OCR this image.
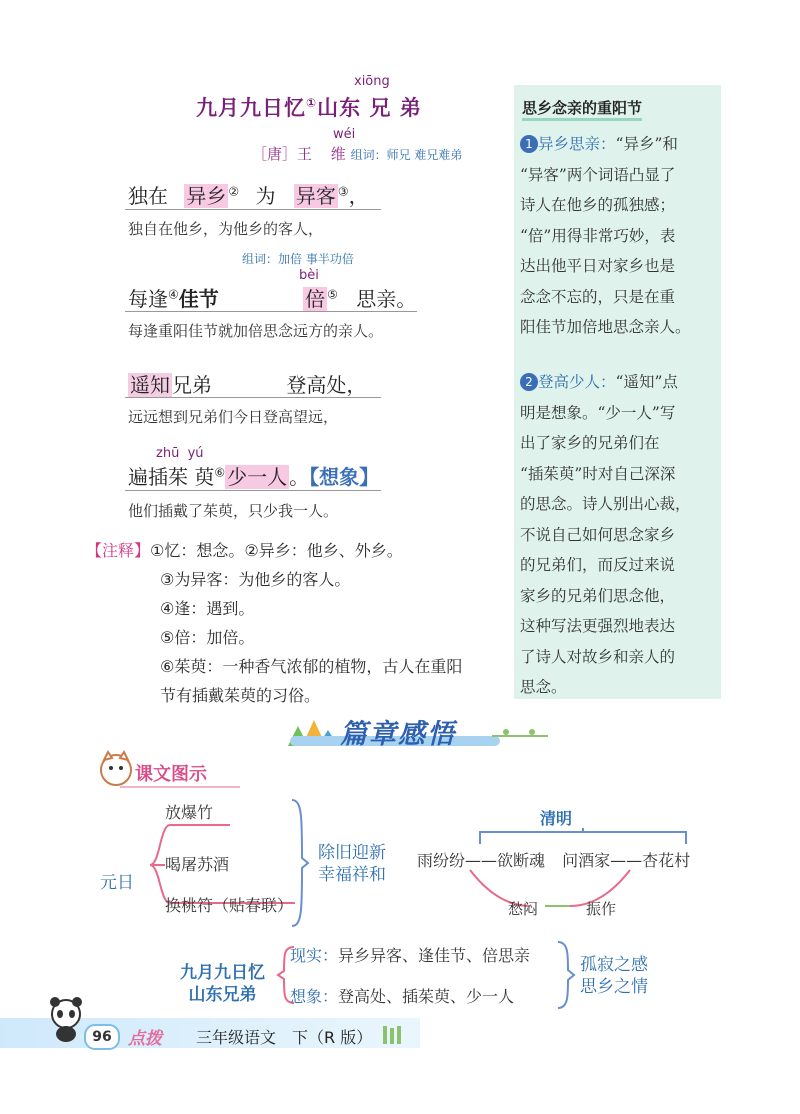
xiōng
九月九日忆①山东 兄 弟
wéi
［唐］王 维 组词：师兄 难兄难弟
独在 异乡 ② 为 异客 ③，
独自在他乡，为他乡的客人，
组词：加倍 事半功倍
bèi
每逢④佳节	倍 ⑤ 思亲。
每逢重阳佳节就加倍思念远方的亲人。
遥知 兄弟	登高处，
远远想到兄弟们今日登高望远，
zhū  yú
遍插茱 萸⑥ 少一人 。【想象】
他们插戴了茱萸，只少我一人。
【注释】①忆：想念。②异乡：他乡、外乡。
③为异客：为他乡的客人。
④逢：遇到。
⑤倍：加倍。
⑥茱萸：一种香气浓郁的植物，古人在重阳
节有插戴茱萸的习俗。
思乡念亲的重阳节
1 异乡思亲：“异乡”和
“异客”两个词语凸显了
诗人在他乡的孤独感；
“倍”用得非常巧妙，表
达出他平日对家乡也是
念念不忘的，只是在重
阳佳节加倍地思念亲人。
2 登高少人：“遥知”点
明是想象。“少一人”写
出了家乡的兄弟们在
“插茱萸”时对自己深深
的思念。诗人别出心裁，
不说自己如何思念家乡
的兄弟们，而反过来说
家乡的兄弟们思念他，
这种写法更强烈地表达
了诗人对故乡和亲人的
思念。
篇章感悟
课文图示
元日
放爆竹
喝屠苏酒
换桃符（贴春联）
除旧迎新
幸福祥和
清明
雨纷纷——欲断魂 问酒家——杏花村
愁闷	振作
九月九日忆
山东兄弟
现实：异乡异客、逢佳节、倍思亲
想象：登高处、插茱萸、少一人
孤寂之感
思乡之情
96 点拨 三年级语文　下（R 版）
